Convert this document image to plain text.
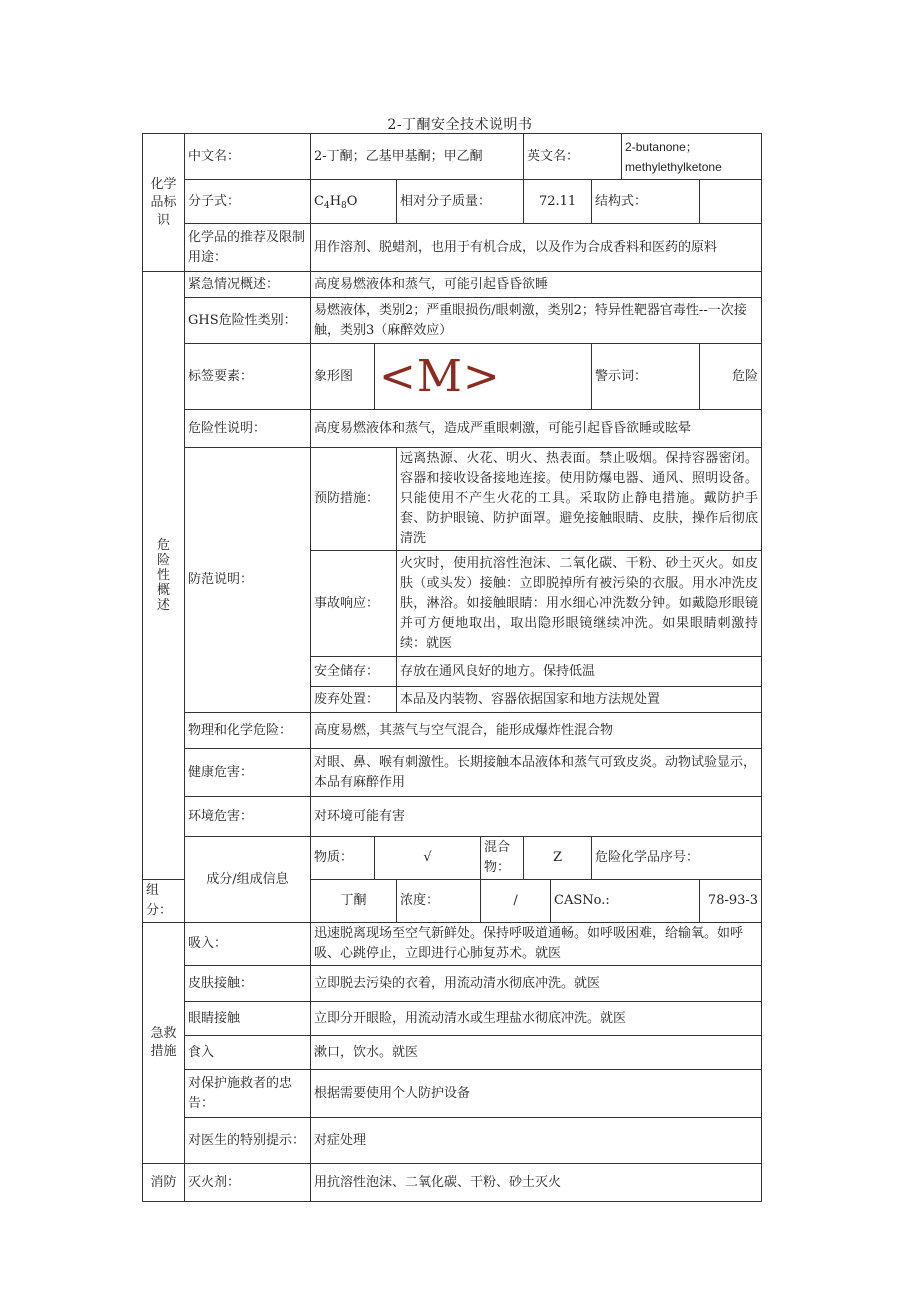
2-丁酮安全技术说明书
化学品标识	中文名：	2-丁酮；乙基甲基酮；甲乙酮				英文名：			2-butanone；methylethylketone		
	分子式：	$C_4H_8O$		相对分子质量：		72.11		结构式：			
	化学品的推荐及限制用途：	用作溶剂、脱蜡剂，也用于有机合成，以及作为合成香料和医药的原料									

危险性概述	紧急情况概述：	高度易燃液体和蒸气，可能引起昏昏欲睡									
	GHS危险性类别：	易燃液体，类别2；严重眼损伤/眼刺激，类别2；特异性靶器官毒性--一次接触，类别3（麻醉效应）									
	标签要素：	象形图	<M>					警示词：		危险	
	危险性说明：	高度易燃液体和蒸气，造成严重眼刺激，可能引起昏昏欲睡或眩晕									
	防范说明：	预防措施：		远离热源、火花、明火、热表面。禁止吸烟。保持容器密闭。容器和接收设备接地连接。使用防爆电器、通风、照明设备。只能使用不产生火花的工具。采取防止静电措施。戴防护手套、防护眼镜、防护面罩。避免接触眼睛、皮肤，操作后彻底清洗							
		事故响应：		火灾时，使用抗溶性泡沫、二氧化碳、干粉、砂土灭火。如皮肤（或头发）接触：立即脱掉所有被污染的衣服。用水冲洗皮肤，淋浴。如接触眼睛：用水细心冲洗数分钟。如戴隐形眼镜并可方便地取出，取出隐形眼镜继续冲洗。如果眼睛刺激持续：就医							
		安全储存：		存放在通风良好的地方。保持低温							
		废弃处置：		本品及内装物、容器依据国家和地方法规处置							
	物理和化学危险：	高度易燃，其蒸气与空气混合，能形成爆炸性混合物									
	健康危害：	对眼、鼻、喉有刺激性。长期接触本品液体和蒸气可致皮炎。动物试验显示，本品有麻醉作用									
	环境危害：	对环境可能有害									
	成分/组成信息	物质：	√		混合物：	Z		危险化学品序号：	
组分：		丁酮		浓度：	/		CASNo.:			78-93-3	

急救措施	吸入：	迅速脱离现场至空气新鲜处。保持呼吸道通畅。如呼吸困难，给输氧。如呼吸、心跳停止，立即进行心肺复苏术。就医									
	皮肤接触：	立即脱去污染的衣着，用流动清水彻底冲洗。就医									
	眼睛接触	立即分开眼睑，用流动清水或生理盐水彻底冲洗。就医									
	食入	漱口，饮水。就医									
	对保护施救者的忠告：	根据需要使用个人防护设备									
	对医生的特别提示：	对症处理									
消防	灭火剂：	用抗溶性泡沫、二氧化碳、干粉、砂土灭火									
